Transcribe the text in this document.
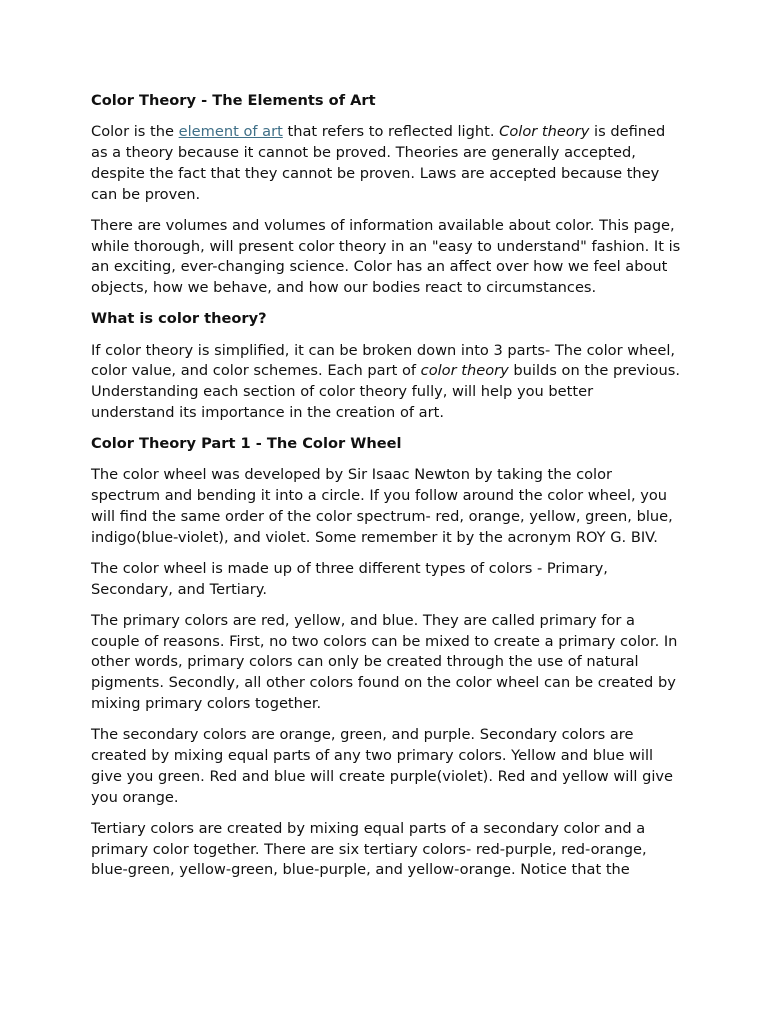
Color Theory - The Elements of Art

Color is the element of art that refers to reflected light. Color theory is defined as a theory because it cannot be proved. Theories are generally accepted, despite the fact that they cannot be proven. Laws are accepted because they can be proven.

There are volumes and volumes of information available about color. This page, while thorough, will present color theory in an "easy to understand" fashion. It is an exciting, ever-changing science. Color has an affect over how we feel about objects, how we behave, and how our bodies react to circumstances.

What is color theory?

If color theory is simplified, it can be broken down into 3 parts- The color wheel, color value, and color schemes. Each part of color theory builds on the previous. Understanding each section of color theory fully, will help you better understand its importance in the creation of art.

Color Theory Part 1 - The Color Wheel

The color wheel was developed by Sir Isaac Newton by taking the color spectrum and bending it into a circle. If you follow around the color wheel, you will find the same order of the color spectrum- red, orange, yellow, green, blue, indigo(blue-violet), and violet. Some remember it by the acronym ROY G. BIV.

The color wheel is made up of three different types of colors - Primary, Secondary, and Tertiary.

The primary colors are red, yellow, and blue. They are called primary for a couple of reasons. First, no two colors can be mixed to create a primary color. In other words, primary colors can only be created through the use of natural pigments. Secondly, all other colors found on the color wheel can be created by mixing primary colors together.

The secondary colors are orange, green, and purple. Secondary colors are created by mixing equal parts of any two primary colors. Yellow and blue will give you green. Red and blue will create purple(violet). Red and yellow will give you orange.

Tertiary colors are created by mixing equal parts of a secondary color and a primary color together. There are six tertiary colors- red-purple, red-orange, blue-green, yellow-green, blue-purple, and yellow-orange. Notice that the
